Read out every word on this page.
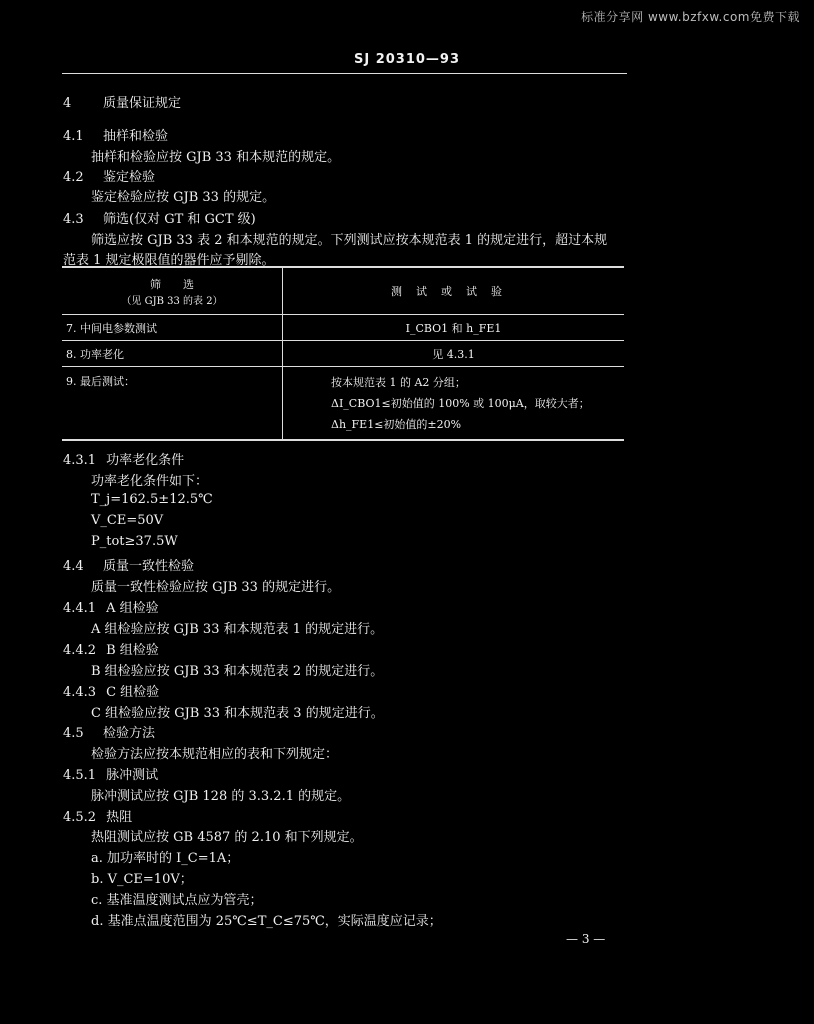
标准分享网 www.bzfxw.com免费下载
SJ 20310—93
4 质量保证规定
4.1 抽样和检验
抽样和检验应按 GJB 33 和本规范的规定。
4.2 鉴定检验
鉴定检验应按 GJB 33 的规定。
4.3 筛选(仅对 GT 和 GCT 级)
筛选应按 GJB 33 表 2 和本规范的规定。下列测试应按本规范表 1 的规定进行，超过本规
范表 1 规定极限值的器件应予剔除。
筛　　选
（见 GJB 33 的表 2）	测试或试验
7. 中间电参数测试	I_CBO1 和 h_FE1
8. 功率老化	见 4.3.1
9. 最后测试：	按本规范表 1 的 A2 分组；
ΔI_CBO1≤初始值的 100% 或 100μA，取较大者；
Δh_FE1≤初始值的±20%
4.3.1 功率老化条件
功率老化条件如下：
T_j=162.5±12.5℃
V_CE=50V
P_tot≥37.5W
4.4 质量一致性检验
质量一致性检验应按 GJB 33 的规定进行。
4.4.1 A 组检验
A 组检验应按 GJB 33 和本规范表 1 的规定进行。
4.4.2 B 组检验
B 组检验应按 GJB 33 和本规范表 2 的规定进行。
4.4.3 C 组检验
C 组检验应按 GJB 33 和本规范表 3 的规定进行。
4.5 检验方法
检验方法应按本规范相应的表和下列规定：
4.5.1 脉冲测试
脉冲测试应按 GJB 128 的 3.3.2.1 的规定。
4.5.2 热阻
热阻测试应按 GB 4587 的 2.10 和下列规定。
a. 加功率时的 I_C=1A；
b. V_CE=10V；
c. 基准温度测试点应为管壳；
d. 基准点温度范围为 25℃≤T_C≤75℃，实际温度应记录；
— 3 —
